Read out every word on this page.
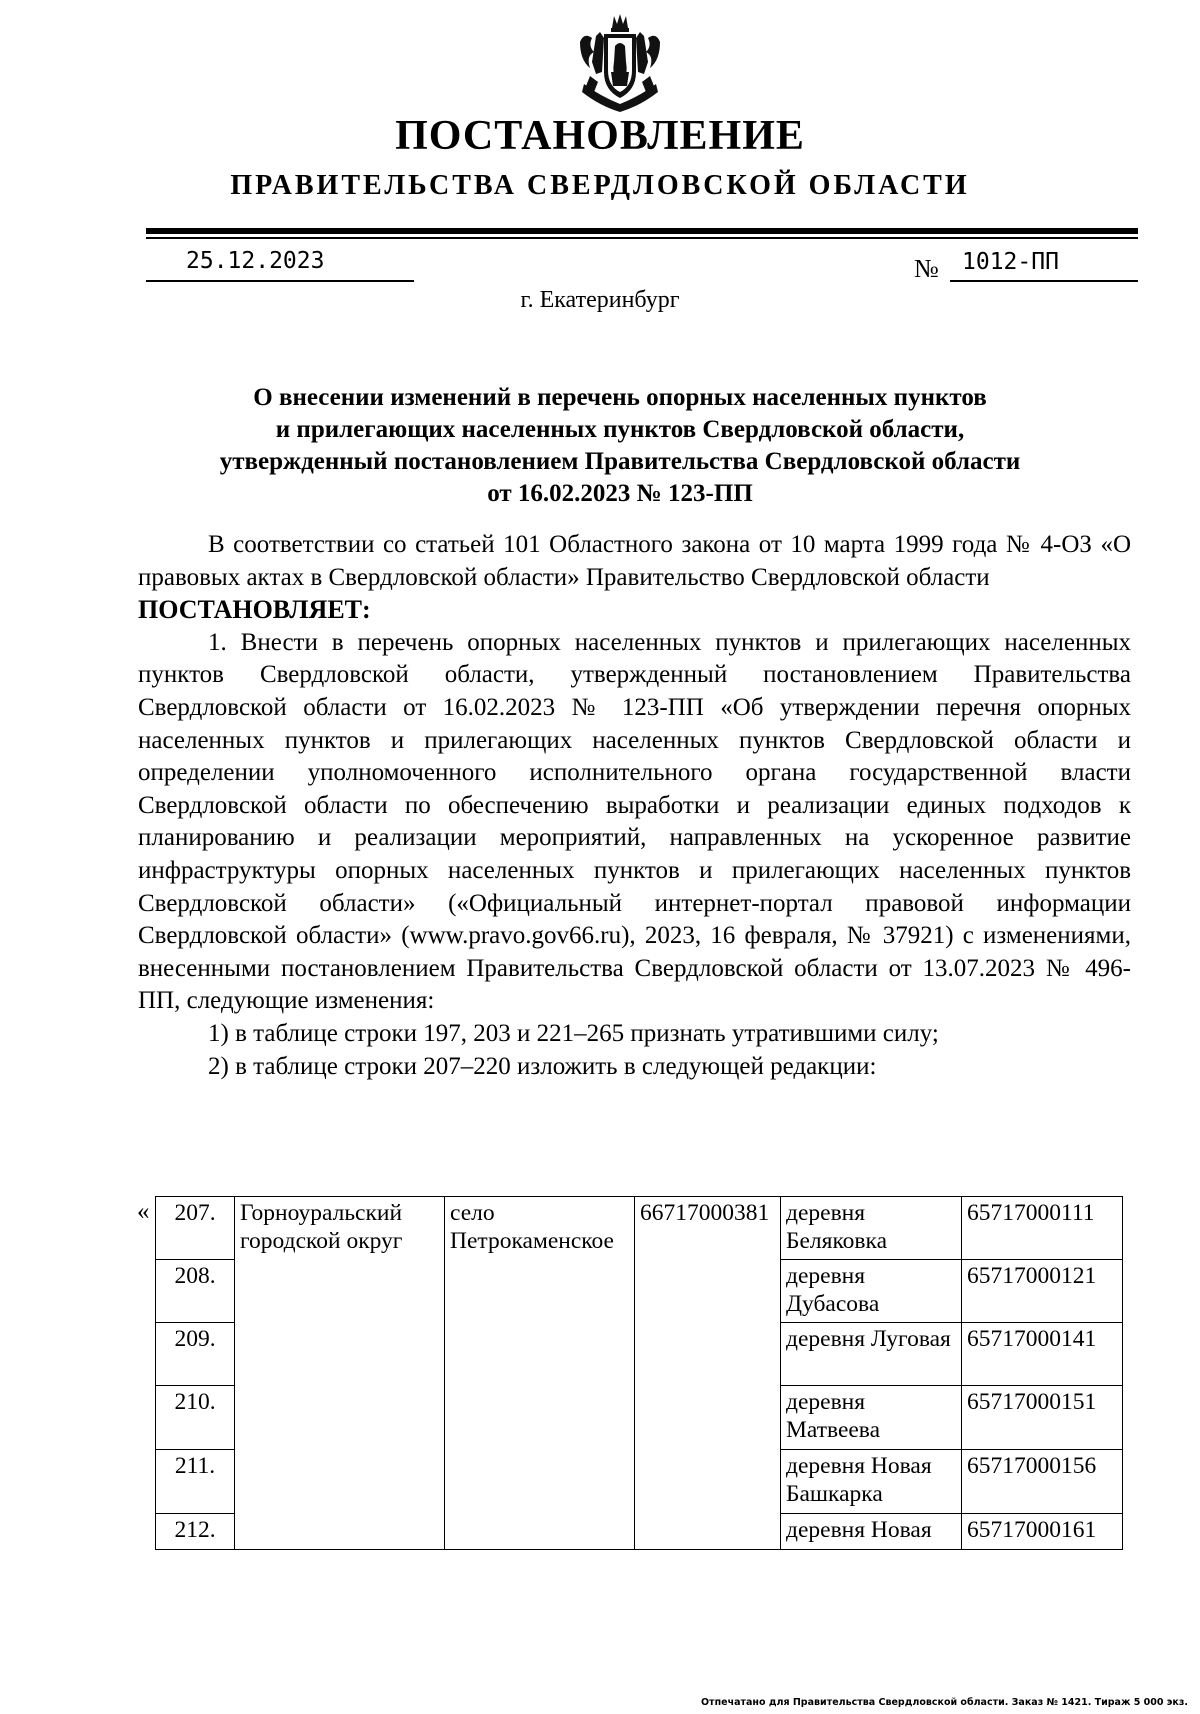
ПОСТАНОВЛЕНИЕ
ПРАВИТЕЛЬСТВА СВЕРДЛОВСКОЙ ОБЛАСТИ
25.12.2023	№ 1012-ПП
г. Екатеринбург
О внесении изменений в перечень опорных населенных пунктов
и прилегающих населенных пунктов Свердловской области,
утвержденный постановлением Правительства Свердловской области
от 16.02.2023 № 123-ПП

В соответствии со статьей 101 Областного закона от 10 марта 1999 года № 4-ОЗ «О правовых актах в Свердловской области» Правительство Свердловской области

ПОСТАНОВЛЯЕТ:

1. Внести в перечень опорных населенных пунктов и прилегающих населенных пунктов Свердловской области, утвержденный постановлением Правительства Свердловской области от 16.02.2023 № 123-ПП «Об утверждении перечня опорных населенных пунктов и прилегающих населенных пунктов Свердловской области и определении уполномоченного исполнительного органа государственной власти Свердловской области по обеспечению выработки и реализации единых подходов к планированию и реализации мероприятий, направленных на ускоренное развитие инфраструктуры опорных населенных пунктов и прилегающих населенных пунктов Свердловской области» («Официальный интернет-портал правовой информации Свердловской области» (www.pravo.gov66.ru), 2023, 16 февраля, № 37921) с изменениями, внесенными постановлением Правительства Свердловской области от 13.07.2023 № 496-ПП, следующие изменения:

1) в таблице строки 197, 203 и 221–265 признать утратившими силу;

2) в таблице строки 207–220 изложить в следующей редакции:

« 207.	Горноуральский городской округ	село Петрокаменское	66717000381	деревня Беляковка	65717000111
208.				деревня Дубасова	65717000121
209.				деревня Луговая	65717000141
210.				деревня Матвеева	65717000151
211.				деревня Новая Башкарка	65717000156
212.				деревня Новая	65717000161
Отпечатано для Правительства Свердловской области. Заказ № 1421. Тираж 5 000 экз.
